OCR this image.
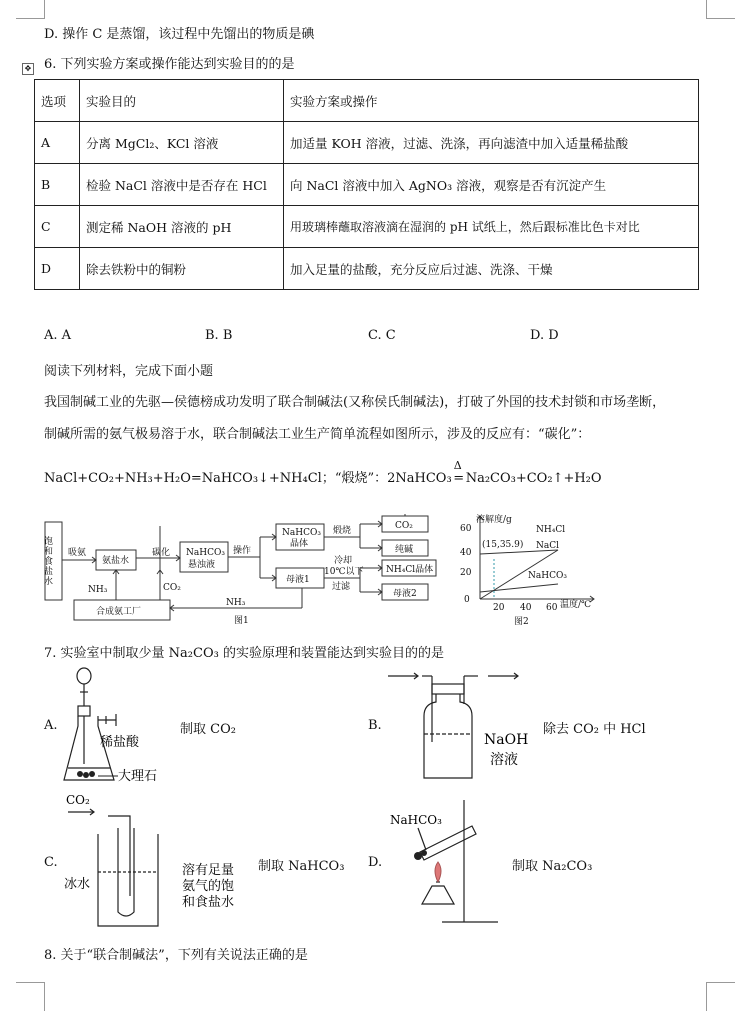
D. 操作 C 是蒸馏，该过程中先馏出的物质是碘
✥ 6. 下列实验方案或操作能达到实验目的的是
选项	实验目的	实验方案或操作
A	分离 MgCl₂、KCl 溶液	加适量 KOH 溶液，过滤、洗涤，再向滤渣中加入适量稀盐酸
B	检验 NaCl 溶液中是否存在 HCl	向 NaCl 溶液中加入 AgNO₃ 溶液，观察是否有沉淀产生
C	测定稀 NaOH 溶液的 pH	用玻璃棒蘸取溶液滴在湿润的 pH 试纸上，然后跟标准比色卡对比
D	除去铁粉中的铜粉	加入足量的盐酸，充分反应后过滤、洗涤、干燥
A. A	B. B	C. C	D. D
阅读下列材料，完成下面小题
我国制碱工业的先驱—侯德榜成功发明了联合制碱法(又称侯氏制碱法)，打破了外国的技术封锁和市场垄断，
制碱所需的氨气极易溶于水，联合制碱法工业生产简单流程如图所示，涉及的反应有：“碳化”：
NaCl+CO₂+NH₃+H₂O=NaHCO₃↓+NH₄Cl；“煅烧”：2NaHCO₃
Δ
= Na₂CO₃+CO₂↑+H₂O
饱和食盐水	氨盐水
NaHCO₃
悬浊液
NaHCO₃
晶体
母液1
CO₂
纯碱
NH₄Cl晶体
母液2
合成氨工厂
吸氨	碳化	操作
煅烧
冷却
10℃以下
过滤
NH₃	CO₂
NH₃
图1
溶解度/g
温度/℃
(15,35.9)
0
20
40
60
20 40 60
NH₄Cl
NaCl
NaHCO₃
图2
7. 实验室中制取少量 Na₂CO₃ 的实验原理和装置能达到实验目的的是
A.
稀盐酸
大理石
制取 CO₂	B.
NaOH
溶液
除去 CO₂ 中 HCl
C.
CO₂
冰水
溶有足量
氨气的饱
和食盐水
制取 NaHCO₃ D.
NaHCO₃
制取 Na₂CO₃
8. 关于“联合制碱法”，下列有关说法正确的是
